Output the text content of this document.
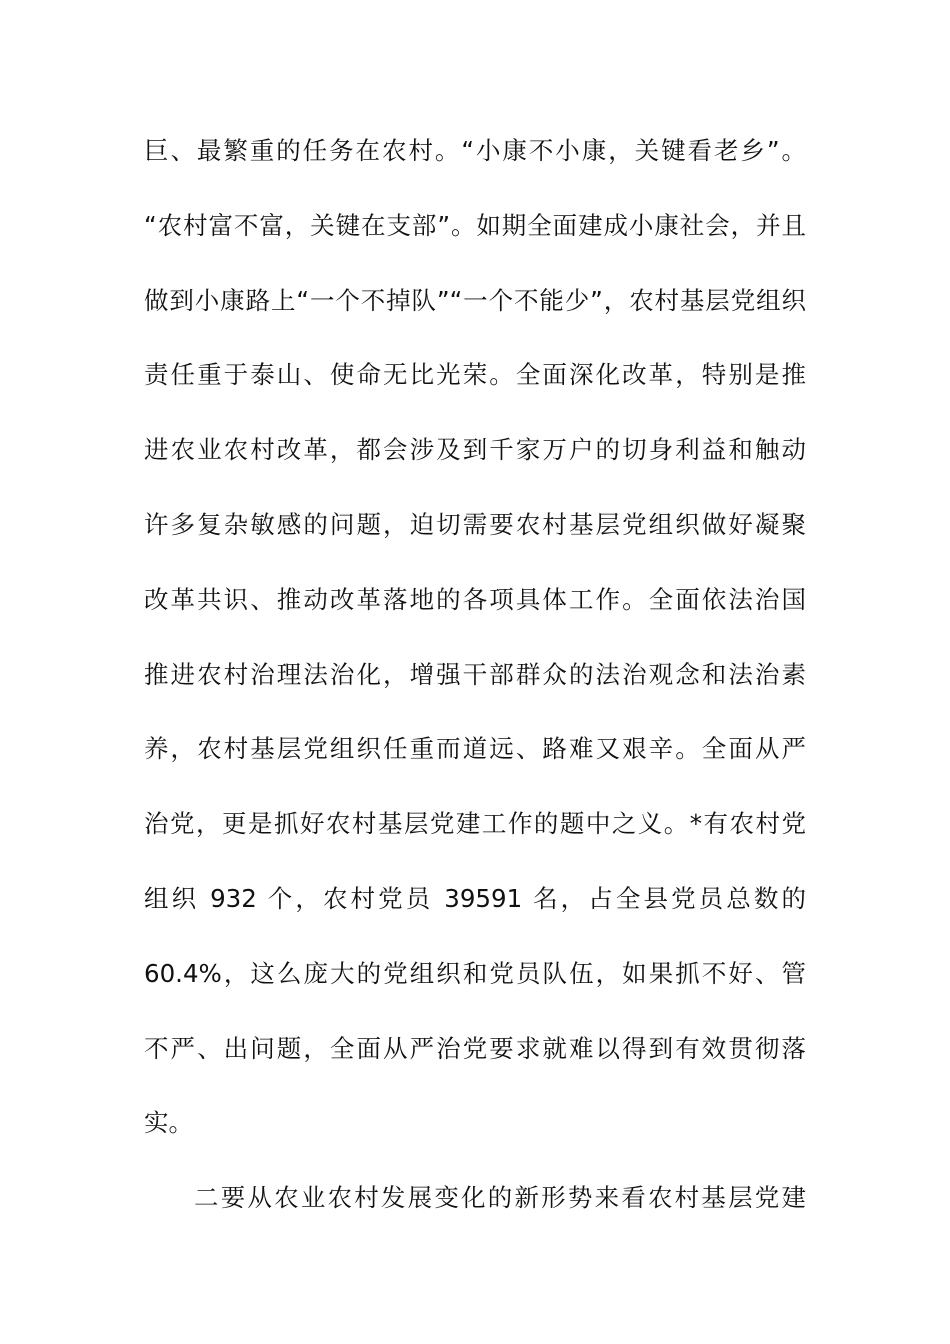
巨、最繁重的任务在农村。“小康不小康，关键看老乡”。
“农村富不富，关键在支部”。如期全面建成小康社会，并且
做到小康路上“一个不掉队”“一个不能少”，农村基层党组织
责任重于泰山、使命无比光荣。全面深化改革，特别是推
进农业农村改革，都会涉及到千家万户的切身利益和触动
许多复杂敏感的问题，迫切需要农村基层党组织做好凝聚
改革共识、推动改革落地的各项具体工作。全面依法治国
推进农村治理法治化，增强干部群众的法治观念和法治素
养，农村基层党组织任重而道远、路难又艰辛。全面从严
治党，更是抓好农村基层党建工作的题中之义。*有农村党
组织 932 个，农村党员 39591 名，占全县党员总数的
60.4%，这么庞大的党组织和党员队伍，如果抓不好、管
不严、出问题，全面从严治党要求就难以得到有效贯彻落
实。
二要从农业农村发展变化的新形势来看农村基层党建
